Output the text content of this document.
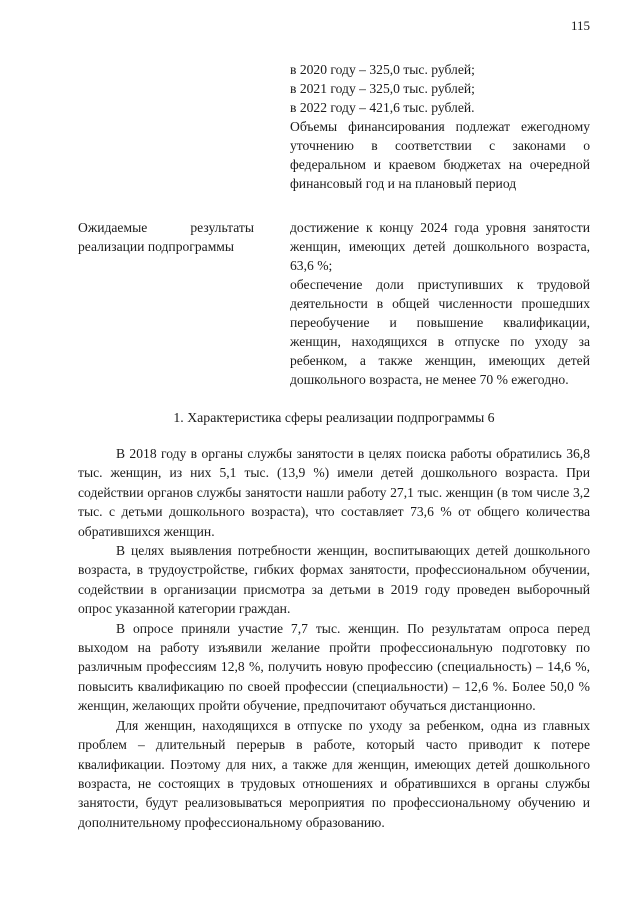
115
в 2020 году – 325,0 тыс. рублей;
в 2021 году – 325,0 тыс. рублей;
в 2022 году – 421,6 тыс. рублей.

Объемы финансирования подлежат ежегодному уточнению в соответствии с законами о федеральном и краевом бюджетах на очередной финансовый год и на плановый период

Ожидаемые результаты реализации подпрограммы

достижение к концу 2024 года уровня занятости женщин, имеющих детей дошкольного возраста, 63,6 %;

обеспечение доли приступивших к трудовой деятельности в общей численности прошедших переобучение и повышение квалификации, женщин, находящихся в отпуске по уходу за ребенком, а также женщин, имеющих детей дошкольного возраста, не менее 70 % ежегодно.

1. Характеристика сферы реализации подпрограммы 6

В 2018 году в органы службы занятости в целях поиска работы обратились 36,8 тыс. женщин, из них 5,1 тыс. (13,9 %) имели детей дошкольного возраста. При содействии органов службы занятости нашли работу 27,1 тыс. женщин (в том числе 3,2 тыс. с детьми дошкольного возраста), что составляет 73,6 % от общего количества обратившихся женщин.

В целях выявления потребности женщин, воспитывающих детей дошкольного возраста, в трудоустройстве, гибких формах занятости, профессиональном обучении, содействии в организации присмотра за детьми в 2019 году проведен выборочный опрос указанной категории граждан.

В опросе приняли участие 7,7 тыс. женщин. По результатам опроса перед выходом на работу изъявили желание пройти профессиональную подготовку по различным профессиям 12,8 %, получить новую профессию (специальность) – 14,6 %, повысить квалификацию по своей профессии (специальности) – 12,6 %. Более 50,0 % женщин, желающих пройти обучение, предпочитают обучаться дистанционно.

Для женщин, находящихся в отпуске по уходу за ребенком, одна из главных проблем – длительный перерыв в работе, который часто приводит к потере квалификации. Поэтому для них, а также для женщин, имеющих детей дошкольного возраста, не состоящих в трудовых отношениях и обратившихся в органы службы занятости, будут реализовываться мероприятия по профессиональному обучению и дополнительному профессиональному образованию.
